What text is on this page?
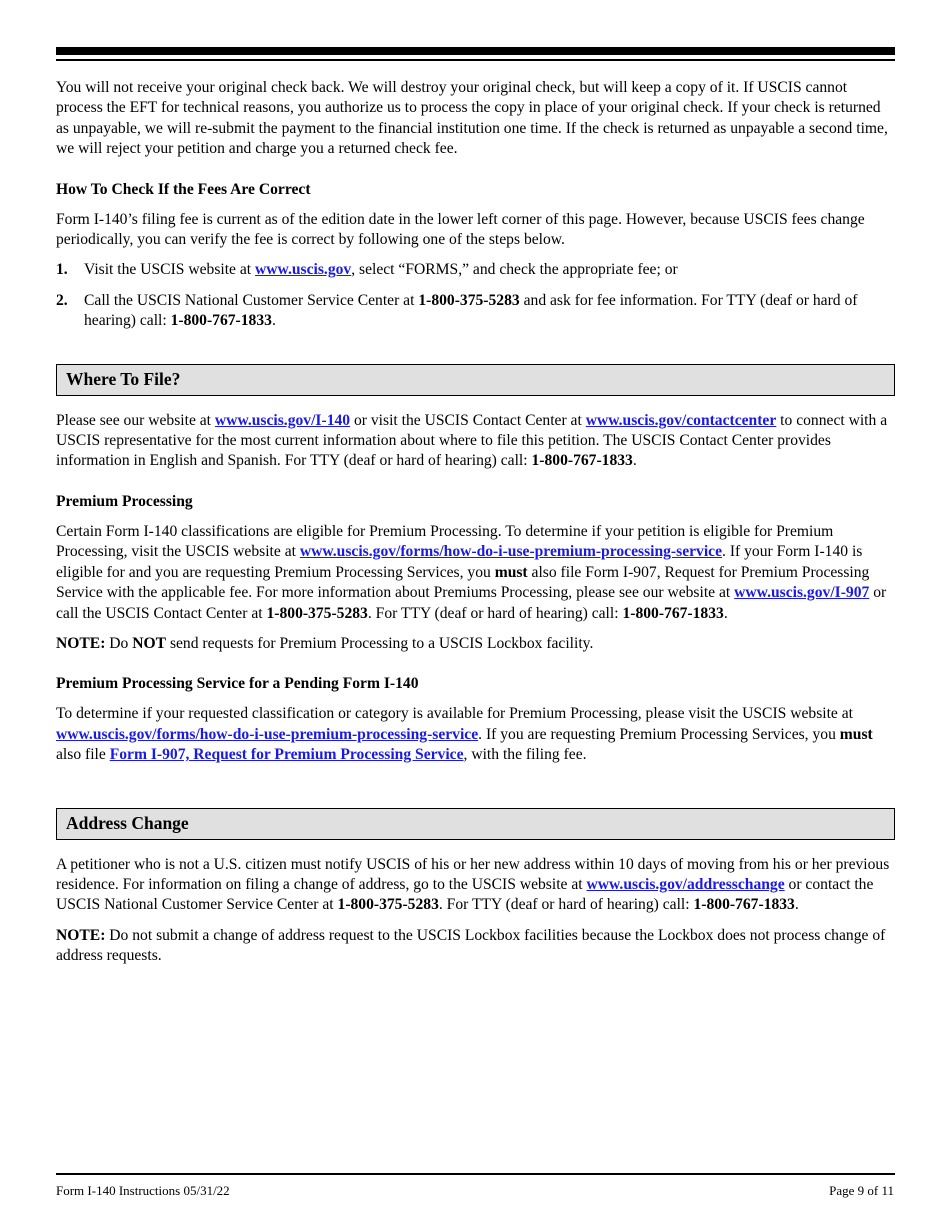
You will not receive your original check back. We will destroy your original check, but will keep a copy of it. If USCIS cannot process the EFT for technical reasons, you authorize us to process the copy in place of your original check. If your check is returned as unpayable, we will re-submit the payment to the financial institution one time. If the check is returned as unpayable a second time, we will reject your petition and charge you a returned check fee.

How To Check If the Fees Are Correct

Form I-140’s filing fee is current as of the edition date in the lower left corner of this page. However, because USCIS fees change periodically, you can verify the fee is correct by following one of the steps below.

1. Visit the USCIS website at www.uscis.gov, select “FORMS,” and check the appropriate fee; or
2. Call the USCIS National Customer Service Center at 1-800-375-5283 and ask for fee information. For TTY (deaf or hard of hearing) call: 1-800-767-1833.
Where To File?

Please see our website at www.uscis.gov/I-140 or visit the USCIS Contact Center at www.uscis.gov/contactcenter to connect with a USCIS representative for the most current information about where to file this petition. The USCIS Contact Center provides information in English and Spanish. For TTY (deaf or hard of hearing) call: 1-800-767-1833.

Premium Processing

Certain Form I-140 classifications are eligible for Premium Processing. To determine if your petition is eligible for Premium Processing, visit the USCIS website at www.uscis.gov/forms/how-do-i-use-premium-processing-service. If your Form I-140 is eligible for and you are requesting Premium Processing Services, you must also file Form I-907, Request for Premium Processing Service with the applicable fee. For more information about Premiums Processing, please see our website at www.uscis.gov/I-907 or call the USCIS Contact Center at 1-800-375-5283. For TTY (deaf or hard of hearing) call: 1-800-767-1833.

NOTE: Do NOT send requests for Premium Processing to a USCIS Lockbox facility.

Premium Processing Service for a Pending Form I-140

To determine if your requested classification or category is available for Premium Processing, please visit the USCIS website at www.uscis.gov/forms/how-do-i-use-premium-processing-service. If you are requesting Premium Processing Services, you must also file Form I-907, Request for Premium Processing Service, with the filing fee.

Address Change

A petitioner who is not a U.S. citizen must notify USCIS of his or her new address within 10 days of moving from his or her previous residence. For information on filing a change of address, go to the USCIS website at www.uscis.gov/addresschange or contact the USCIS National Customer Service Center at 1-800-375-5283. For TTY (deaf or hard of hearing) call: 1-800-767-1833.

NOTE: Do not submit a change of address request to the USCIS Lockbox facilities because the Lockbox does not process change of address requests.

Form I-140 Instructions 05/31/22	Page 9 of 11
